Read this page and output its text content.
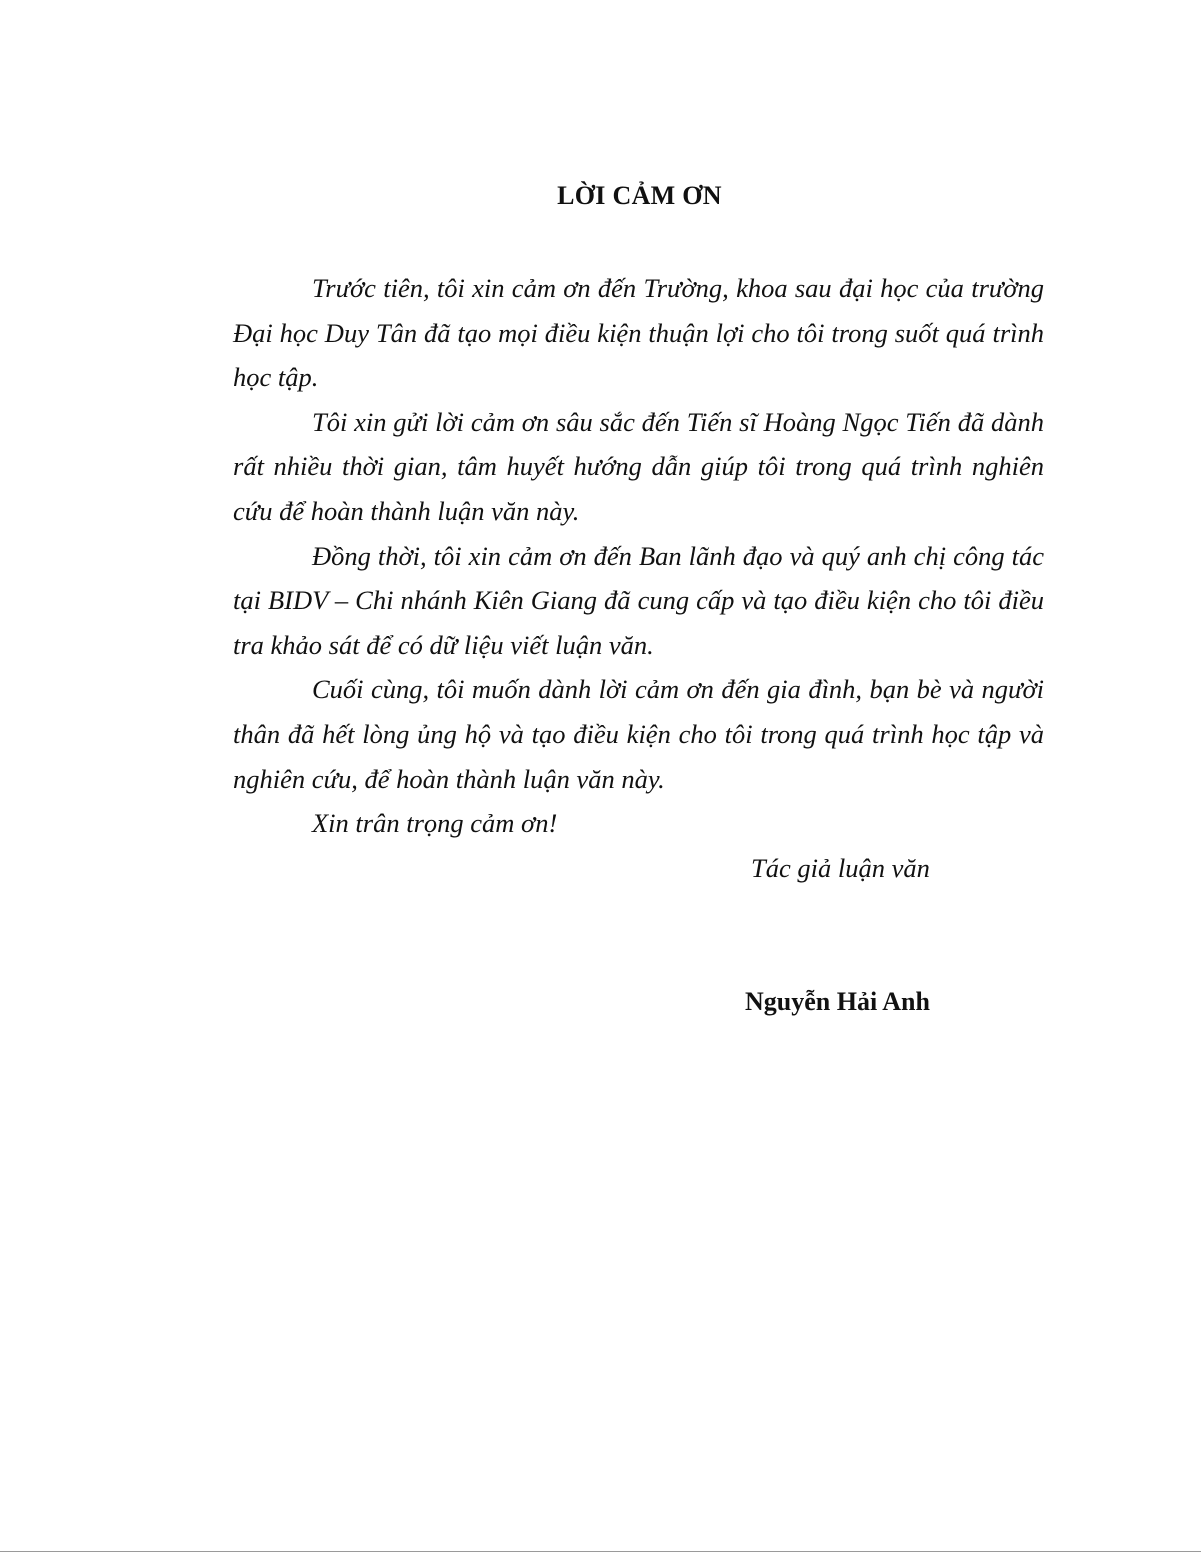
LỜI CẢM ƠN

Trước tiên, tôi xin cảm ơn đến Trường, khoa sau đại học của trường Đại học Duy Tân đã tạo mọi điều kiện thuận lợi cho tôi trong suốt quá trình học tập.

Tôi xin gửi lời cảm ơn sâu sắc đến Tiến sĩ Hoàng Ngọc Tiến đã dành rất nhiều thời gian, tâm huyết hướng dẫn giúp tôi trong quá trình nghiên cứu để hoàn thành luận văn này.

Đồng thời, tôi xin cảm ơn đến Ban lãnh đạo và quý anh chị công tác tại BIDV – Chi nhánh Kiên Giang đã cung cấp và tạo điều kiện cho tôi điều tra khảo sát để có dữ liệu viết luận văn.

Cuối cùng, tôi muốn dành lời cảm ơn đến gia đình, bạn bè và người thân đã hết lòng ủng hộ và tạo điều kiện cho tôi trong quá trình học tập và nghiên cứu, để hoàn thành luận văn này.

Xin trân trọng cảm ơn!

Tác giả luận văn

Nguyễn Hải Anh
